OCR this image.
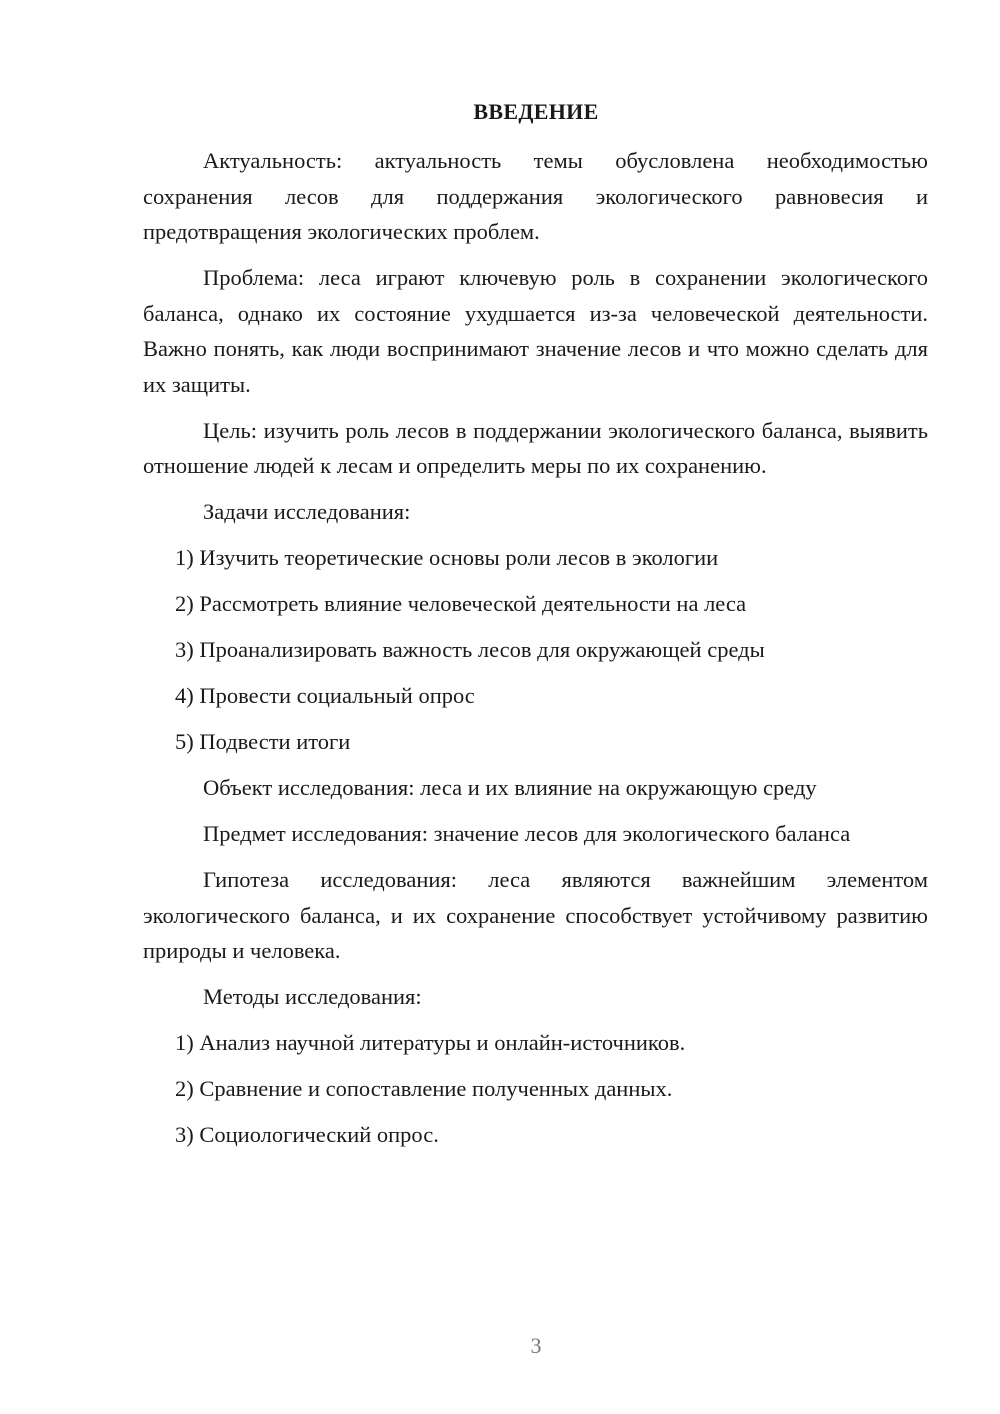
ВВЕДЕНИЕ

Актуальность: актуальность темы обусловлена необходимостью сохранения лесов для поддержания экологического равновесия и предотвращения экологических проблем.

Проблема: леса играют ключевую роль в сохранении экологического баланса, однако их состояние ухудшается из-за человеческой деятельности. Важно понять, как люди воспринимают значение лесов и что можно сделать для их защиты.

Цель: изучить роль лесов в поддержании экологического баланса, выявить отношение людей к лесам и определить меры по их сохранению.

Задачи исследования:

1) Изучить теоретические основы роли лесов в экологии

2) Рассмотреть влияние человеческой деятельности на леса

3) Проанализировать важность лесов для окружающей среды

4) Провести социальный опрос

5) Подвести итоги

Объект исследования: леса и их влияние на окружающую среду

Предмет исследования: значение лесов для экологического баланса

Гипотеза исследования: леса являются важнейшим элементом экологического баланса, и их сохранение способствует устойчивому развитию природы и человека.

Методы исследования:

1) Анализ научной литературы и онлайн-источников.

2) Сравнение и сопоставление полученных данных.

3) Социологический опрос.

3
